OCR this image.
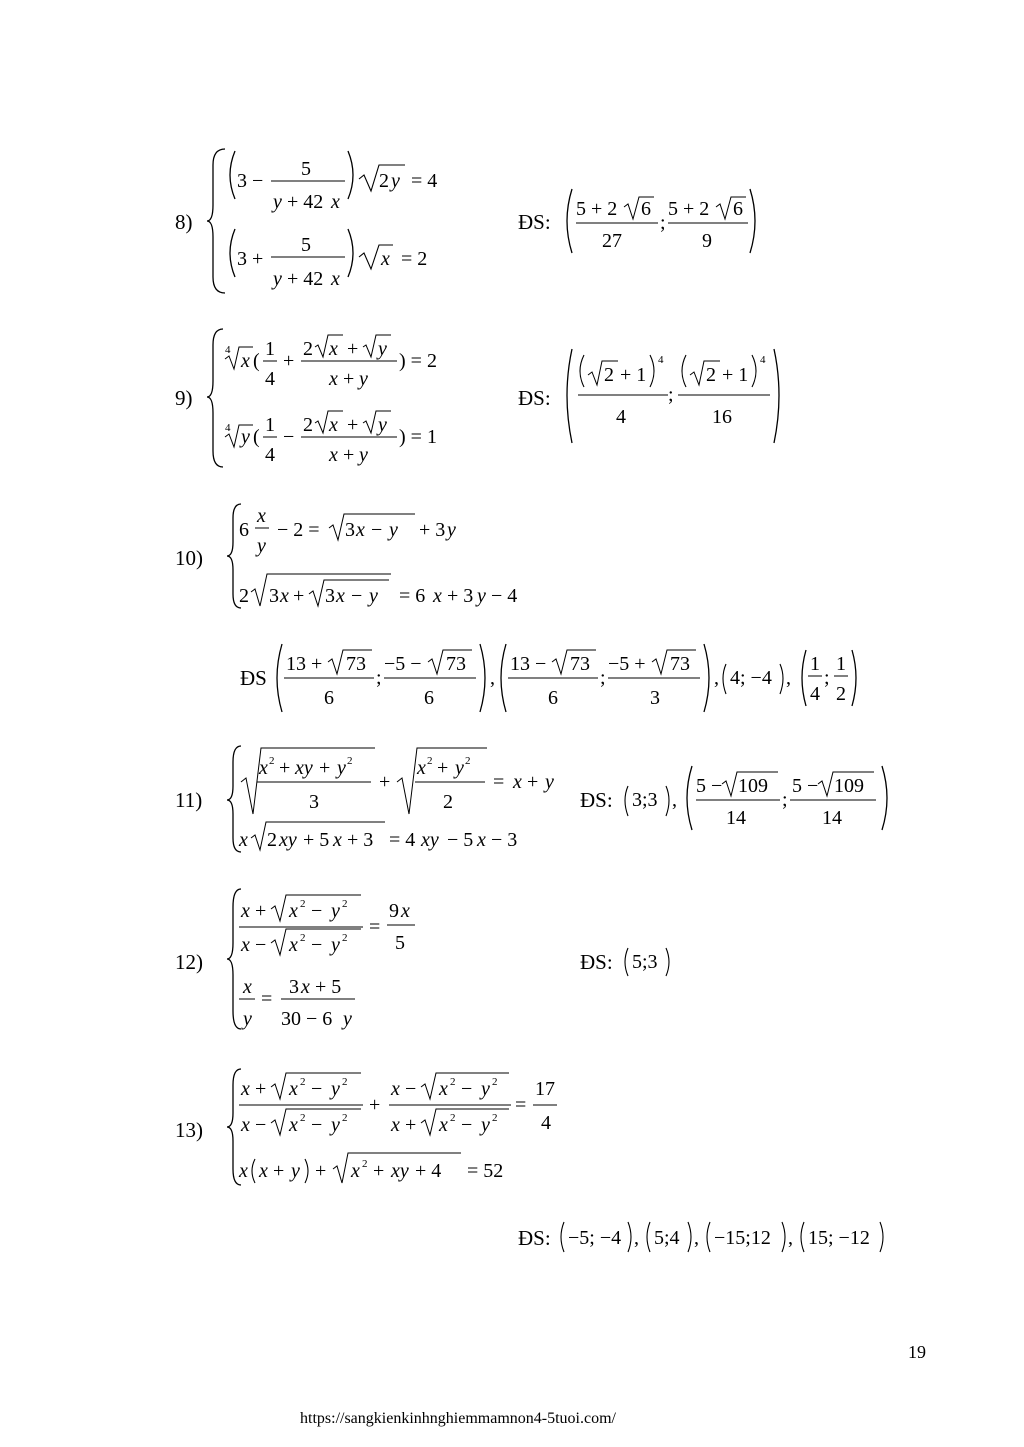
8)
3 −
5
y + 42 x
2 y = 4
3 +
5
y + 42 x
x = 2
ĐS:
5 + 2 6
27
;
5 + 2 6
9
9)
4 x (
1
4
+
2 x + y
x + y
) = 2
4 y (
1
4
−
2 x + y
x + y
) = 1
ĐS:
2 + 1
4
4
;
2 + 1
4
16
10)
6
x
y
− 2 = 3 x − y + 3 y
2 3 x + 3 x − y = 6 x + 3 y − 4
ĐS
13 + 73
6
;
−5 − 73
6
,
13 − 73
6
;
−5 + 73
3
, 4; −4 ,
1
4
;
1
2
11)
x 2 + xy + y 2
3
+
x 2 + y 2
2
= x + y
x 2 xy + 5 x + 3 = 4 xy − 5 x − 3
ĐS: 3;3 ,
5 − 109
14
;
5 − 109
14
12)
x + x 2 − y 2
x − x 2 − y 2 =
9 x
5
x
y
=
3 x + 5
30 − 6 y
ĐS: 5;3
13)
x + x 2 − y 2
x − x 2 − y 2
+
x − x 2 − y 2
x + x 2 − y 2
=
17
4
x x + y + x 2 + xy + 4 = 52
ĐS: −5; −4 , 5;4 , −15;12 , 15; −12
19
https://sangkienkinhnghiemmamnon4-5tuoi.com/
